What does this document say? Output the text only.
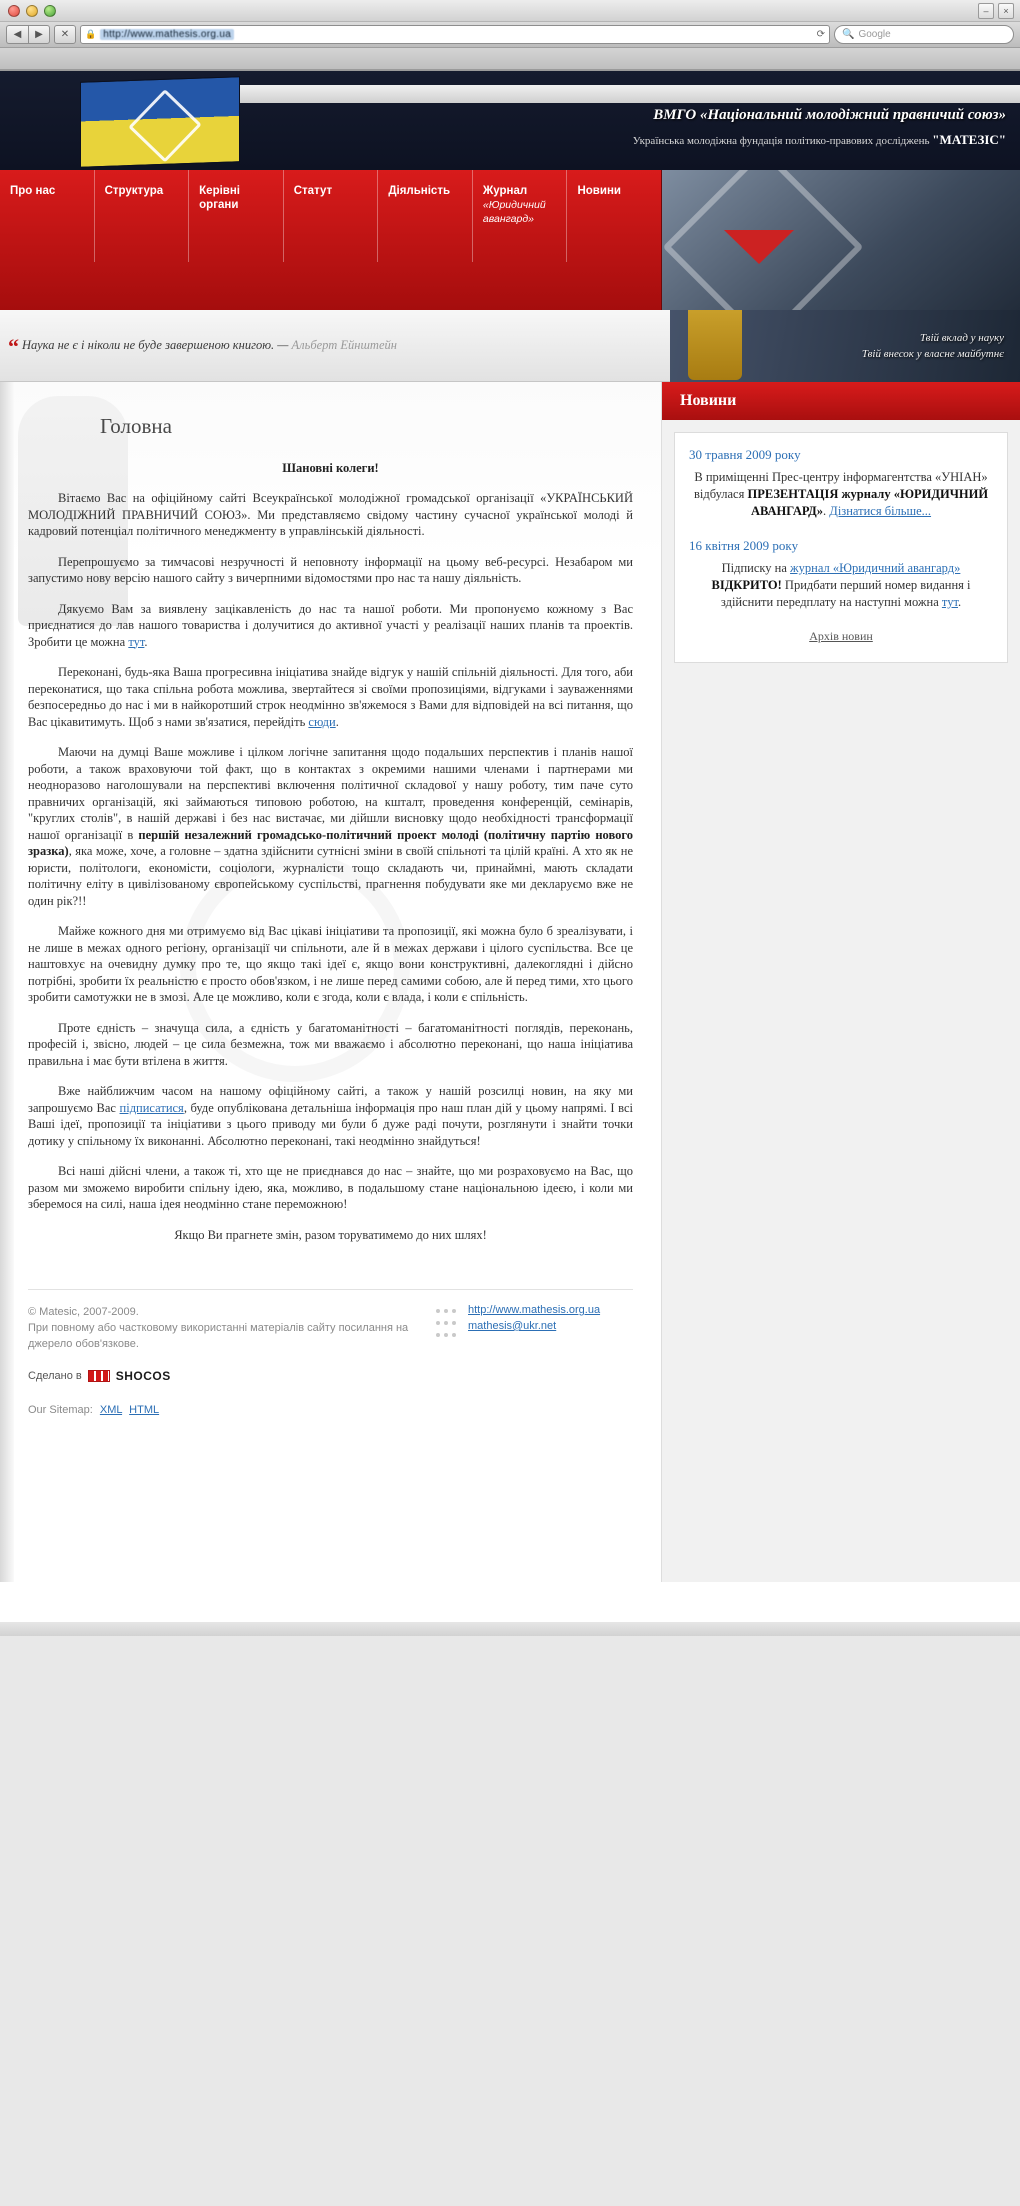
–	×
◀	▶	✕	🔒 http://www.mathesis.org.ua	⟳ 🔍 Google
ВМГО «Національний молодіжний правничий союз»
Українська молодіжна фундація політико-правових досліджень "МАТЕЗІС"
Про нас	Структура	Керівні органи
Статут	Діяльність	Журнал
«Юридичний авангард»
Новини
“ Наука не є і ніколи не буде завершеною книгою. — Альберт Ейнштейн	Твій вклад у науку
Твій внесок у власне майбутнє
Головна
Шановні колеги!

Вітаємо Вас на офіційному сайті Всеукраїнської молодіжної громадської організації «УКРАЇНСЬКИЙ МОЛОДІЖНИЙ ПРАВНИЧИЙ СОЮЗ». Ми представляємо свідому частину сучасної української молоді й кадровий потенціал політичного менеджменту в управлінській діяльності.

Перепрошуємо за тимчасові незручності й неповноту інформації на цьому веб-ресурсі. Незабаром ми запустимо нову версію нашого сайту з вичерпними відомостями про нас та нашу діяльність.

Дякуємо Вам за виявлену зацікавленість до нас та нашої роботи. Ми пропонуємо кожному з Вас приєднатися до лав нашого товариства і долучитися до активної участі у реалізації наших планів та проектів. Зробити це можна тут.

Переконані, будь-яка Ваша прогресивна ініціатива знайде відгук у нашій спільній діяльності. Для того, аби переконатися, що така спільна робота можлива, звертайтеся зі своїми пропозиціями, відгуками і зауваженнями безпосередньо до нас і ми в найкоротший строк неодмінно зв'яжемося з Вами для відповідей на всі питання, що Вас цікавитимуть. Щоб з нами зв'язатися, перейдіть сюди.

Маючи на думці Ваше можливе і цілком логічне запитання щодо подальших перспектив і планів нашої роботи, а також враховуючи той факт, що в контактах з окремими нашими членами і партнерами ми неодноразово наголошували на перспективі включення політичної складової у нашу роботу, тим паче суто правничих організацій, які займаються типовою роботою, на кшталт, проведення конференцій, семінарів, "круглих столів", в нашій державі і без нас вистачає, ми дійшли висновку щодо необхідності трансформації нашої організації в першій незалежний громадсько-політичний проект молоді (політичну партію нового зразка), яка може, хоче, а головне – здатна здійснити сутнісні зміни в своїй спільноті та цілій країні. А хто як не юристи, політологи, економісти, соціологи, журналісти тощо складають чи, принаймні, мають складати політичну еліту в цивілізованому європейському суспільстві, прагнення побудувати яке ми декларуємо вже не один рік?!!

Майже кожного дня ми отримуємо від Вас цікаві ініціативи та пропозиції, які можна було б зреалізувати, і не лише в межах одного регіону, організації чи спільноти, але й в межах держави і цілого суспільства. Все це наштовхує на очевидну думку про те, що якщо такі ідеї є, якщо вони конструктивні, далекоглядні і дійсно потрібні, зробити їх реальністю є просто обов'язком, і не лише перед самими собою, але й перед тими, хто цього зробити самотужки не в змозі. Але це можливо, коли є згода, коли є влада, і коли є спільність.

Проте єдність – значуща сила, а єдність у багатоманітності – багатоманітності поглядів, переконань, професій і, звісно, людей – це сила безмежна, тож ми вважаємо і абсолютно переконані, що наша ініціатива правильна і має бути втілена в життя.

Вже найближчим часом на нашому офіційному сайті, а також у нашій розсилці новин, на яку ми запрошуємо Вас підписатися, буде опублікована детальніша інформація про наш план дій у цьому напрямі. І всі Ваші ідеї, пропозиції та ініціативи з цього приводу ми були б дуже раді почути, розглянути і знайти точки дотику у спільному їх виконанні. Абсолютно переконані, такі неодмінно знайдуться!

Всі наші дійсні члени, а також ті, хто ще не приєднався до нас – знайте, що ми розраховуємо на Вас, що разом ми зможемо виробити спільну ідею, яка, можливо, в подальшому стане національною ідеєю, і коли ми зберемося на силі, наша ідея неодмінно стане переможною!

Якщо Ви прагнете змін, разом торуватимемо до них шлях!

© Matesic, 2007-2009.
При повному або частковому використанні матеріалів сайту посилання на джерело обов'язкове.
Сделано в	SHOCOS
Our Sitemap: XML HTML
http://www.mathesis.org.ua
mathesis@ukr.net
Новини
30 травня 2009 року
В приміщенні Прес-центру інформагентства «УНІАН» відбулася ПРЕЗЕНТАЦІЯ журналу «ЮРИДИЧНИЙ АВАНГАРД». Дізнатися більше...
16 квітня 2009 року
Підписку на журнал «Юридичний авангард» ВІДКРИТО! Придбати перший номер видання і здійснити передплату на наступні можна тут.
Архів новин
